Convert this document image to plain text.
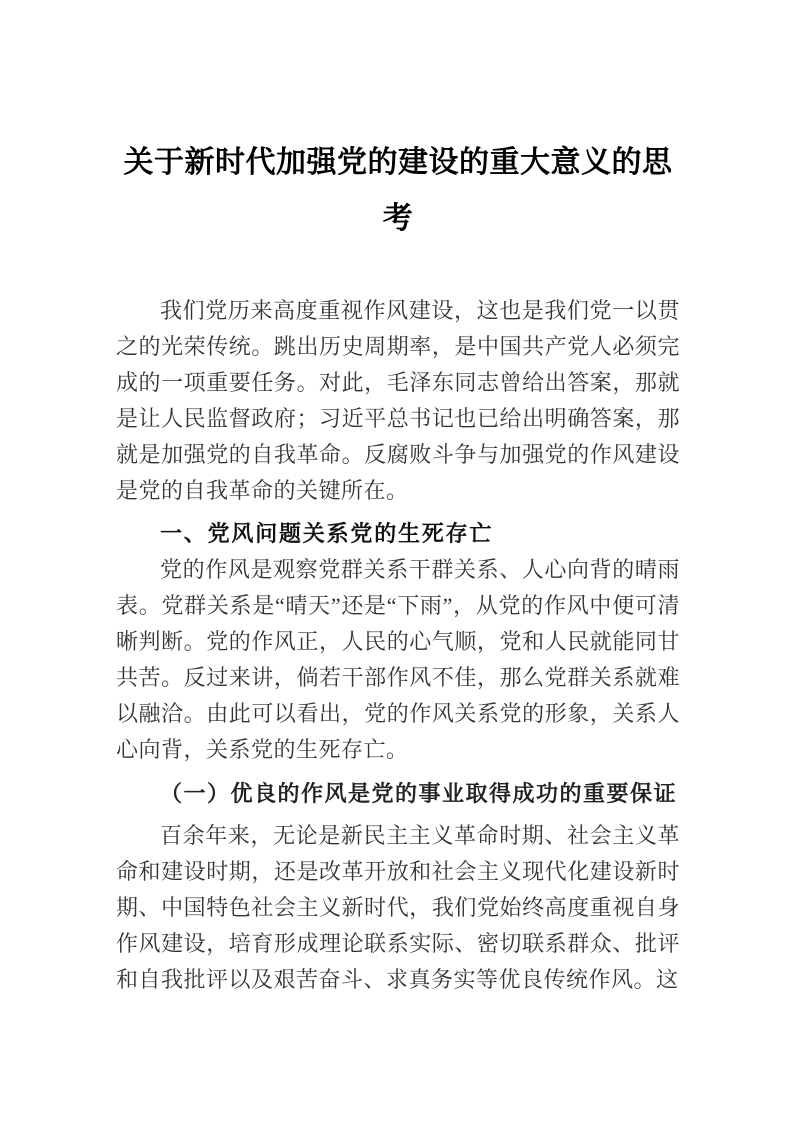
关于新时代加强党的建设的重大意义的思考

我们党历来高度重视作风建设，这也是我们党一以贯之的光荣传统。跳出历史周期率，是中国共产党人必须完成的一项重要任务。对此，毛泽东同志曾给出答案，那就是让人民监督政府；习近平总书记也已给出明确答案，那就是加强党的自我革命。反腐败斗争与加强党的作风建设是党的自我革命的关键所在。

一、党风问题关系党的生死存亡

党的作风是观察党群关系干群关系、人心向背的晴雨表。党群关系是“晴天”还是“下雨”，从党的作风中便可清晰判断。党的作风正，人民的心气顺，党和人民就能同甘共苦。反过来讲，倘若干部作风不佳，那么党群关系就难以融洽。由此可以看出，党的作风关系党的形象，关系人心向背，关系党的生死存亡。

（一）优良的作风是党的事业取得成功的重要保证

百余年来，无论是新民主主义革命时期、社会主义革命和建设时期，还是改革开放和社会主义现代化建设新时期、中国特色社会主义新时代，我们党始终高度重视自身作风建设，培育形成理论联系实际、密切联系群众、批评和自我批评以及艰苦奋斗、求真务实等优良传统作风。这
